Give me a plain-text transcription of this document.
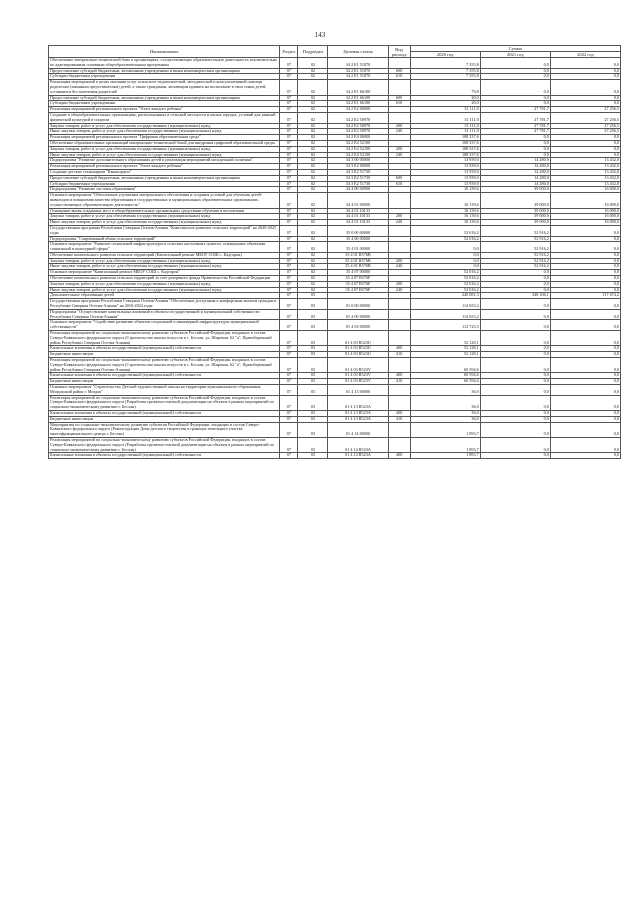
143
Наименование	Раздел	Подраздел	Целевая статья	Вид расхода	Сумма		
					2020 год	2021 год	2022 год
Обеспечение материально-технической базы в организациях, осуществляющих образовательную деятельность исключительно по адаптированным основным общеобразовательным программам	07	02	34 2 Е1 51870		7 355,8	0,0	0,0
Предоставление субсидий бюджетным, автономным учреждениям и иным некоммерческим организациям	07	02	34 2 Е1 51870	600	7 355,8	0,0	0,0
Субсидии бюджетным учреждениям	07	02	34 2 Е1 51870	610	7 355,8	0,0	0,0
Реализация мероприятий в целях оказания услуг психолого-педагогической, методической и консультативной помощи родителям (законным представителям) детей, а также гражданам, желающим принять на воспитание в свои семьи детей, оставшихся без попечения родителей	07	02	34 2 Е1 66100		79,8	0,0	0,0
Предоставление субсидий бюджетным, автономным учреждениям и иным некоммерческим организациям	07	02	34 2 Е1 66100	600	20,0	0,0	0,0
Субсидии бюджетным учреждениям	07	02	34 2 Е1 66100	610	20,0	0,0	0,0
Реализация мероприятий регионального проекта "Успех каждого ребенка"	07	02	34 2 Е2 00000		31 111,0	27 781,7	27 256,5
Создание в общеобразовательных организациях, расположенных в сельской местности и малых городах, условий для занятий физической культурой и спортом	07	02	34 2 Е2 50970		31 111,0	27 781,7	27 256,5
Закупка товаров, работ и услуг для обеспечения государственных (муниципальных) нужд	07	02	34 2 Е2 50970	200	31 111,0	27 781,7	27 256,5
Иные закупки товаров, работ и услуг для обеспечения государственных (муниципальных) нужд	07	02	34 2 Е2 50970	240	31 111,0	27 781,7	27 256,5
Реализация мероприятий регионального проекта "Цифровая образовательная среда"	07	02	34 2 Е4 00000		108 337,6	0,0	0,0
Обеспечение образовательных организаций материально-технической базой для внедрения цифровой образовательной среды	07	02	34 2 Е4 52100		108 337,6	0,0	0,0
Закупка товаров, работ и услуг для обеспечения государственных (муниципальных) нужд	07	02	34 2 Е4 52100	200	108 337,6	0,0	0,0
Иные закупки товаров, работ и услуг для обеспечения государственных (муниципальных) нужд	07	02	34 2 Е4 52100	240	108 337,6	0,0	0,0
Подпрограмма "Развитие дополнительного образования детей и реализация мероприятий молодежной политики"	07	02	34 3 00 00000		13 939,0	14 280,0	13 432,0
Реализация мероприятий регионального проекта "Успех каждого ребенка"	07	02	34 3 Е2 00000		13 939,0	14 280,0	13 432,0
Создание детских технопарков "Кванториум"	07	02	34 3 Е2 51730		13 939,0	14 280,0	13 432,0
Предоставление субсидий бюджетным, автономным учреждениям и иным некоммерческим организациям	07	02	34 3 Е2 51730	600	13 939,0	14 280,0	13 432,0
Субсидии бюджетным учреждениям	07	02	34 3 Е2 51730	610	13 939,0	14 280,0	13 432,0
Подпрограмма "Развитие системы образования"	07	02	34 4 00 00000		16 139,6	39 000,0	16 000,0
Основное мероприятие "Обеспечение улучшения материального обеспечения и создания условий для обучения детей-инвалидов и повышения качества образования в государственных и муниципальных образовательных организациях, осуществляющих образовательную деятельность"	07	02	34 4 01 00000		16 139,6	39 000,0	16 000,0
Оснащение вновь созданных мест в общеобразовательных организациях средствами обучения и воспитания	07	02	34 4 01 10133		16 139,6	39 000,0	16 000,0
Закупка товаров, работ и услуг для обеспечения государственных (муниципальных) нужд	07	02	34 4 01 10133	200	16 139,6	39 000,0	16 000,0
Иные закупки товаров, работ и услуг для обеспечения государственных (муниципальных) нужд	07	02	34 4 01 10133	240	16 139,6	39 000,0	16 000,0
Государственная программа Республики Северная Осетия-Алания "Комплексное развитие сельских территорий" на 2020-2025 годы	07	02	35 0 00 00000		52 016,2	52 916,2	0,0
Подпрограмма "Современный облик сельских территорий"	07	02	35 4 00 00000		52 016,2	52 916,2	0,0
Основное мероприятие "Развитие социальной инфраструктуры в сельских населенных пунктах, оснащенных объектами социальной и культурной сферы"	07	02	35 4 01 00000		0,0	52 916,2	0,0
Обеспечение комплексного развития сельских территорий (Капитальный ремонт МБОУ СОШ с. Кадгарон)	07	02	35 4 01 R576В		0,0	52 916,2	0,0
Закупка товаров, работ и услуг для обеспечения государственных (муниципальных) нужд	07	02	35 4 01 R576В	200	0,0	52 916,2	0,0
Иные закупки товаров, работ и услуг для обеспечения государственных (муниципальных) нужд	07	02	35 4 01 R576В	240	0,0	52 916,2	0,0
Основное мероприятие "Капитальный ремонт МБОУ СОШ с. Кадгарон"	07	02	35 4 07 00000		52 016,2	0,0	0,0
Обеспечение комплексного развития сельских территорий за счет резервного фонда Правительства Российской Федерации	07	02	35 4 07 R576F		52 016,2	0,0	0,0
Закупка товаров, работ и услуг для обеспечения государственных (муниципальных) нужд	07	02	35 4 07 R576F	200	52 016,2	0,0	0,0
Иные закупки товаров, работ и услуг для обеспечения государственных (муниципальных) нужд	07	02	35 4 07 R576F	240	52 016,2	0,0	0,0
Дополнительное образование детей	07	03			240 081,3	348 106,1	117 674,2
Государственная программа Республики Северная Осетия-Алания "Обеспечение доступным и комфортным жильем граждан в Республике Северная Осетия-Алания" на 2016-2024 годы	07	03	01 0 00 00000		114 653,2	0,0	0,0
Подпрограмма "Осуществление капитальных вложений в объекты государственной и муниципальной собственности Республики Северная Осетия-Алания"	07	03	01 4 00 00000		114 653,2	0,0	0,0
Основное мероприятие "Содействие развитию объектов социальной и инженерной инфраструктуры муниципальной собственности"	07	03	01 4 03 00000		112 723,5	0,0	0,0
Реализация мероприятий по социально-экономическому развитию субъектов Российской Федерации, входящих в состав Северо-Кавказского федерального округа (Строительство школы искусств в с. Беслан, ул. Широкая, 62 "а", Правобережный район Республики Северная Осетия-Алания)	07	03	01 4 03 R523U		52 128,1	0,0	0,0
Капитальные вложения в объекты государственной (муниципальной) собственности	07	03	01 4 03 R523U	400	52 128,1	0,0	0,0
Бюджетные инвестиции	07	03	01 4 03 R523U	410	52 128,1	0,0	0,0
Реализация мероприятий по социально-экономическому развитию субъектов Российской Федерации, входящих в состав Северо-Кавказского федерального округа (Строительство школы искусств в с. Беслан, ул. Широкая, 62 "а", Правобережный район Республики Северная Осетия-Алания)	07	03	01 4 03 R523V		60 594,6	0,0	0,0
Капитальные вложения в объекты государственной (муниципальной) собственности	07	03	01 4 03 R523V	400	60 594,6	0,0	0,0
Бюджетные инвестиции	07	03	01 4 03 R523V	410	60 594,6	0,0	0,0
Основное мероприятие "Строительство Детской художественной школы на территории муниципального образования Моздокский район г. Моздок"	07	03	01 4 13 00000		36,0	0,0	0,0
Реализация мероприятий по социально-экономическому развитию субъектов Российской Федерации, входящих в состав Северо-Кавказского федерального округа (Разработка проектно-сметной документации на объекты в рамках мероприятий по социально-экономическому развитию г. Беслан)	07	03	01 4 13 R523А		36,0	0,0	0,0
Капитальные вложения в объекты государственной (муниципальной) собственности	07	03	01 4 13 R523А	400	36,0	0,0	0,0
Бюджетные инвестиции	07	03	01 4 13 R523А	410	36,0	0,0	0,0
Мероприятия по социально-экономическому развитию субъектов Российской Федерации, входящих в состав Северо-Кавказского федерального округа (Реконструкция Дома детского творчества в границах земельного участка многофункционального центра г. Беслан)	07	03	01 4 14 00000		1 893,7	0,0	0,0
Реализация мероприятий по социально-экономическому развитию субъектов Российской Федерации, входящих в состав Северо-Кавказского федерального округа (Разработка проектно-сметной документации на объекты в рамках мероприятий по социально-экономическому развитию г. Беслан)	07	03	01 4 14 R523А		1 893,7	0,0	0,0
Капитальные вложения в объекты государственной (муниципальной) собственности	07	03	01 4 14 R523А	400	1 893,7	0,0	0,0
